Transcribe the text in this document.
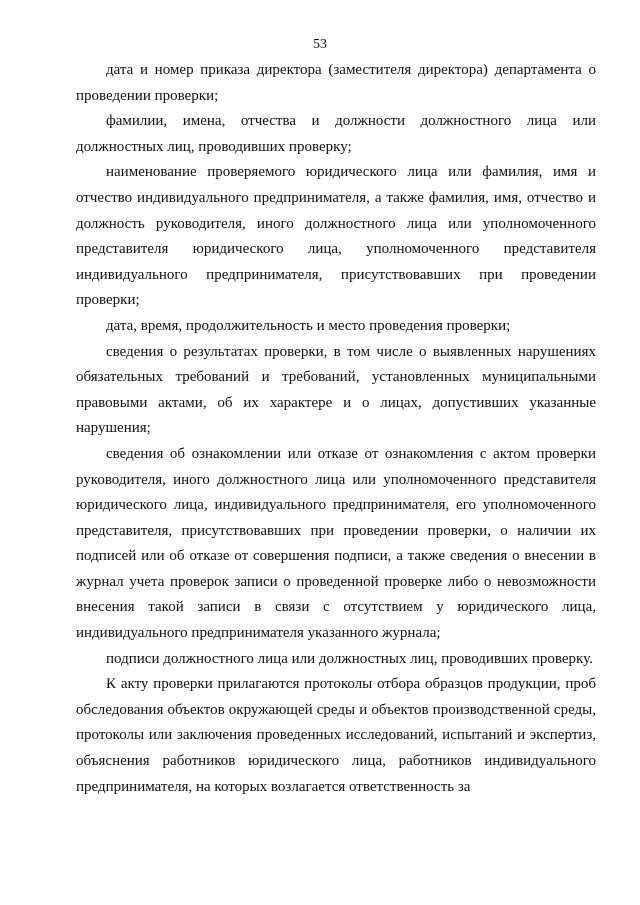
53

дата и номер приказа директора (заместителя директора) департамента о проведении проверки;

фамилии, имена, отчества и должности должностного лица или должностных лиц, проводивших проверку;

наименование проверяемого юридического лица или фамилия, имя и отчество индивидуального предпринимателя, а также фамилия, имя, отчество и должность руководителя, иного должностного лица или уполномоченного представителя юридического лица, уполномоченного представителя индивидуального предпринимателя, присутствовавших при проведении проверки;

дата, время, продолжительность и место проведения проверки;

сведения о результатах проверки, в том числе о выявленных нарушениях обязательных требований и требований, установленных муниципальными правовыми актами, об их характере и о лицах, допустивших указанные нарушения;

сведения об ознакомлении или отказе от ознакомления с актом проверки руководителя, иного должностного лица или уполномоченного представителя юридического лица, индивидуального предпринимателя, его уполномоченного представителя, присутствовавших при проведении проверки, о наличии их подписей или об отказе от совершения подписи, а также сведения о внесении в журнал учета проверок записи о проведенной проверке либо о невозможности внесения такой записи в связи с отсутствием у юридического лица, индивидуального предпринимателя указанного журнала;

подписи должностного лица или должностных лиц, проводивших проверку.

К акту проверки прилагаются протоколы отбора образцов продукции, проб обследования объектов окружающей среды и объектов производственной среды, протоколы или заключения проведенных исследований, испытаний и экспертиз, объяснения работников юридического лица, работников индивидуального предпринимателя, на которых возлагается ответственность за
